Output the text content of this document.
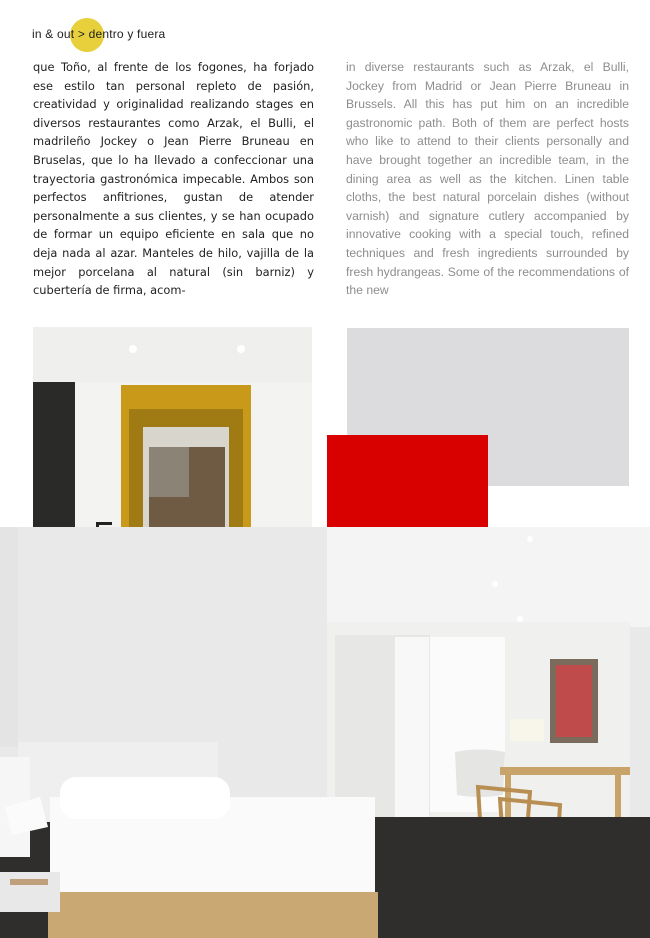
in & out > dentro y fuera

que Toño, al frente de los fogones, ha forjado ese estilo tan personal repleto de pasión, creatividad y originalidad realizando stages en diversos restaurantes como Arzak, el Bulli, el madrileño Jockey o Jean Pierre Bruneau en Bruselas, que lo ha llevado a confeccionar una trayectoria gastronómica impecable. Ambos son perfectos anfitriones, gustan de atender personalmente a sus clientes, y se han ocupado de formar un equipo eficiente en sala que no deja nada al azar. Manteles de hilo, vajilla de la mejor porcelana al natural (sin barniz) y cubertería de firma, acom-

in diverse restaurants such as Arzak, el Bulli, Jockey from Madrid or Jean Pierre Bruneau in Brussels. All this has put him on an incredible gastronomic path. Both of them are perfect hosts who like to attend to their clients personally and have brought together an incredible team, in the dining area as well as the kitchen. Linen table cloths, the best natural porcelain dishes (without varnish) and signature cutlery accompanied by innovative cooking with a special touch, refined techniques and fresh ingredients surrounded by fresh hydrangeas. Some of the recommendations of the new
